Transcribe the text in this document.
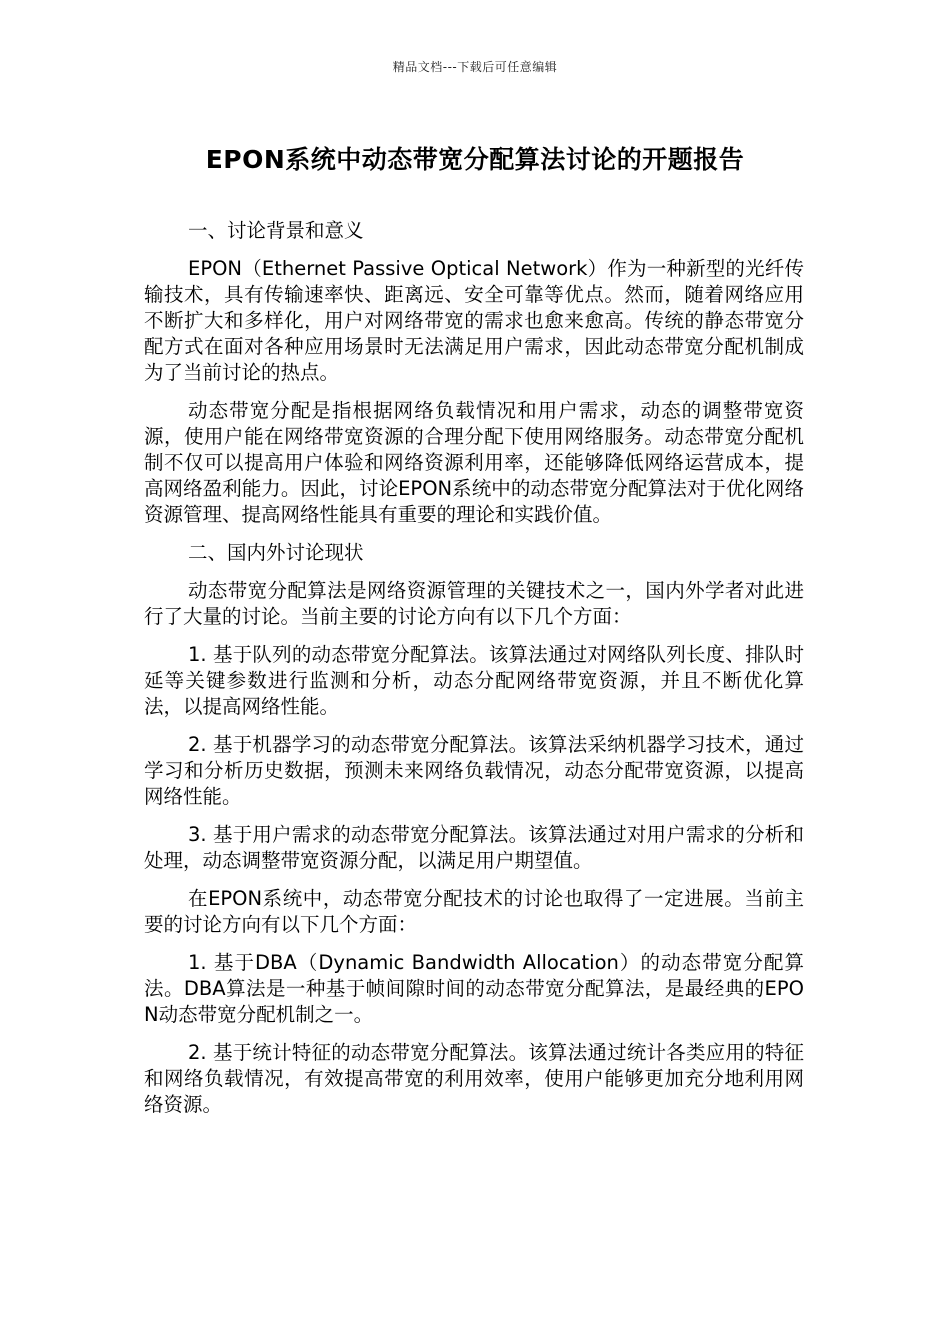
精品文档---下载后可任意编辑
EPON系统中动态带宽分配算法讨论的开题报告

一、讨论背景和意义

EPON（Ethernet Passive Optical Network）作为一种新型的光纤传输技术，具有传输速率快、距离远、安全可靠等优点。然而，随着网络应用不断扩大和多样化，用户对网络带宽的需求也愈来愈高。传统的静态带宽分配方式在面对各种应用场景时无法满足用户需求，因此动态带宽分配机制成为了当前讨论的热点。

动态带宽分配是指根据网络负载情况和用户需求，动态的调整带宽资源，使用户能在网络带宽资源的合理分配下使用网络服务。动态带宽分配机制不仅可以提高用户体验和网络资源利用率，还能够降低网络运营成本，提高网络盈利能力。因此，讨论EPON系统中的动态带宽分配算法对于优化网络资源管理、提高网络性能具有重要的理论和实践价值。

二、国内外讨论现状

动态带宽分配算法是网络资源管理的关键技术之一，国内外学者对此进行了大量的讨论。当前主要的讨论方向有以下几个方面：

1. 基于队列的动态带宽分配算法。该算法通过对网络队列长度、排队时延等关键参数进行监测和分析，动态分配网络带宽资源，并且不断优化算法，以提高网络性能。

2. 基于机器学习的动态带宽分配算法。该算法采纳机器学习技术，通过学习和分析历史数据，预测未来网络负载情况，动态分配带宽资源，以提高网络性能。

3. 基于用户需求的动态带宽分配算法。该算法通过对用户需求的分析和处理，动态调整带宽资源分配，以满足用户期望值。

在EPON系统中，动态带宽分配技术的讨论也取得了一定进展。当前主要的讨论方向有以下几个方面：

1. 基于DBA（Dynamic Bandwidth Allocation）的动态带宽分配算法。DBA算法是一种基于帧间隙时间的动态带宽分配算法，是最经典的EPON动态带宽分配机制之一。

2. 基于统计特征的动态带宽分配算法。该算法通过统计各类应用的特征和网络负载情况，有效提高带宽的利用效率，使用户能够更加充分地利用网络资源。
